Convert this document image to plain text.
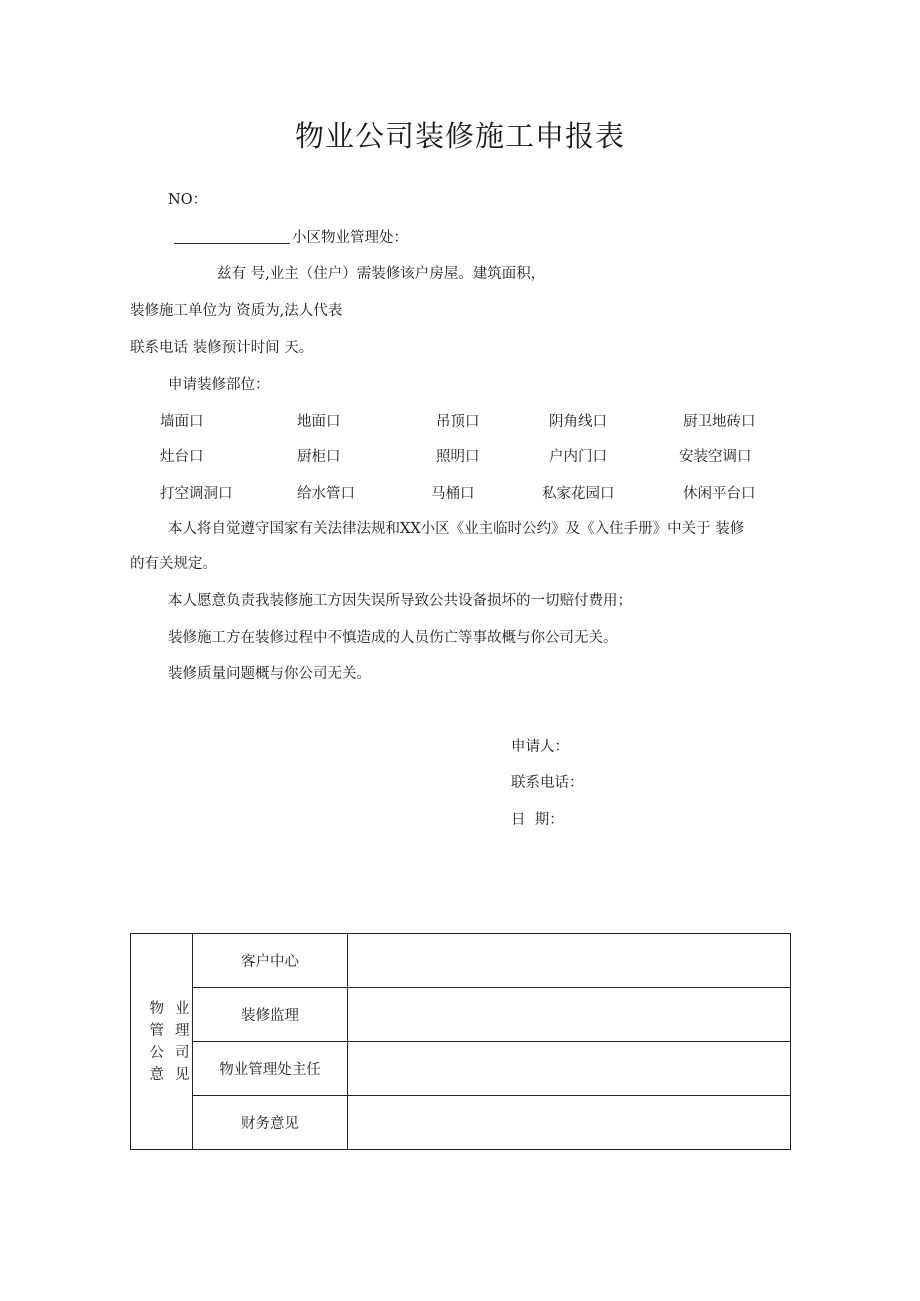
物业公司装修施工申报表
NO：
小区物业管理处：
兹有 号,业主（住户）需装修该户房屋。建筑面积，
装修施工单位为 资质为,法人代表
联系电话 装修预计时间 天。
申请装修部位：
墙面口	地面口	吊顶口	阴角线口	厨卫地砖口
灶台口	厨柜口	照明口	户内门口	安装空调口
打空调洞口	给水管口	马桶口	私家花园口	休闲平台口
本人将自觉遵守国家有关法律法规和XX小区《业主临时公约》及《入住手册》中关于 装修
的有关规定。
本人愿意负责我装修施工方因失误所导致公共设备损坏的一切赔付费用；
装修施工方在装修过程中不慎造成的人员伤亡等事故概与你公司无关。
装修质量问题概与你公司无关。
申请人：
联系电话：
日  期：
物 业
管 理
公 司
意 见	客户中心	
	装修监理	
	物业管理处主任	
	财务意见	
